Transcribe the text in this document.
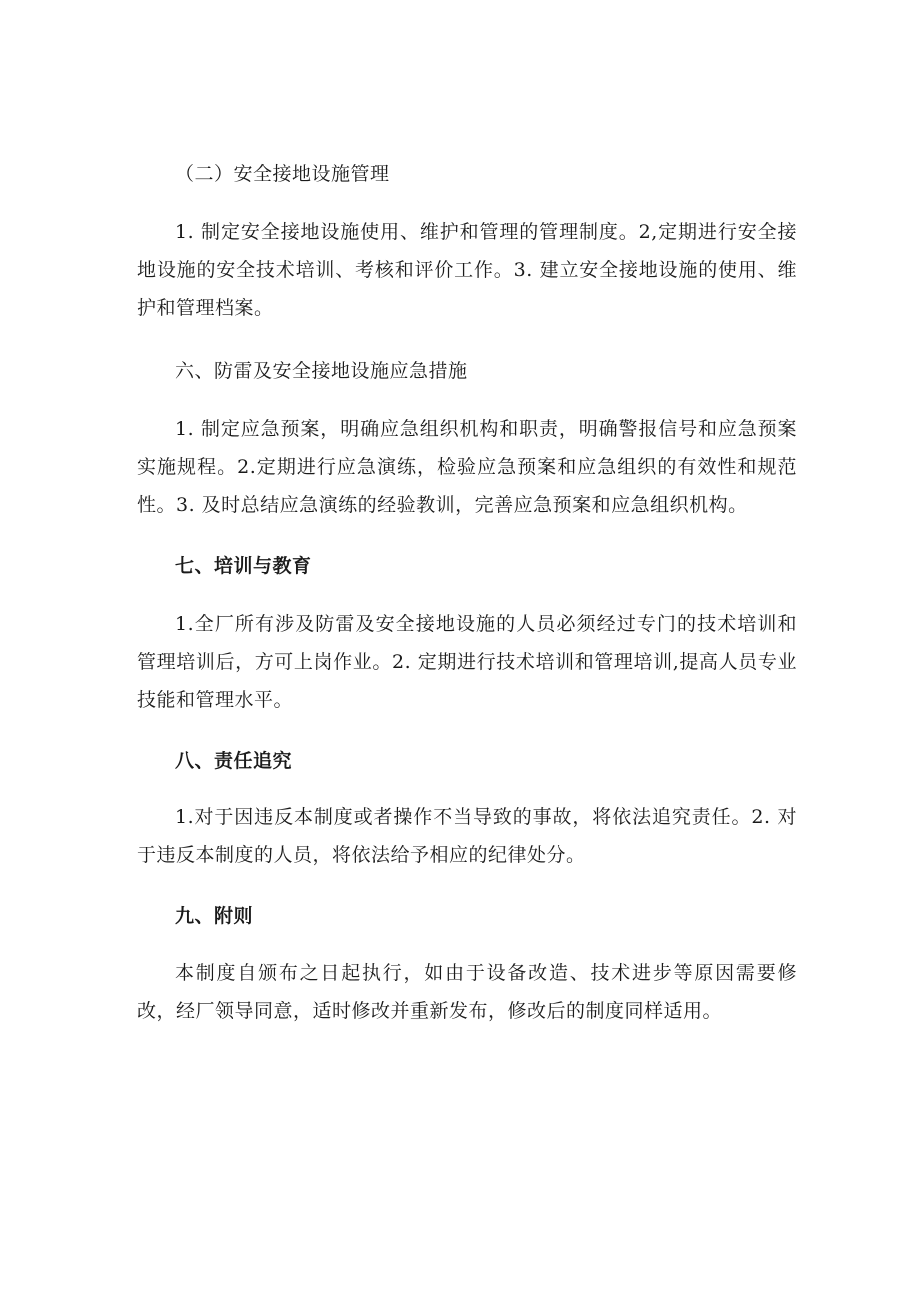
（二）安全接地设施管理

1. 制定安全接地设施使用、维护和管理的管理制度。2,定期进行安全接地设施的安全技术培训、考核和评价工作。3. 建立安全接地设施的使用、维护和管理档案。

六、防雷及安全接地设施应急措施

1. 制定应急预案，明确应急组织机构和职责，明确警报信号和应急预案实施规程。2.定期进行应急演练，检验应急预案和应急组织的有效性和规范性。3. 及时总结应急演练的经验教训，完善应急预案和应急组织机构。

七、培训与教育

1.全厂所有涉及防雷及安全接地设施的人员必须经过专门的技术培训和管理培训后，方可上岗作业。2. 定期进行技术培训和管理培训,提高人员专业技能和管理水平。

八、责任追究

1.对于因违反本制度或者操作不当导致的事故，将依法追究责任。2. 对于违反本制度的人员，将依法给予相应的纪律处分。

九、附则

本制度自颁布之日起执行，如由于设备改造、技术进步等原因需要修改，经厂领导同意，适时修改并重新发布，修改后的制度同样适用。
